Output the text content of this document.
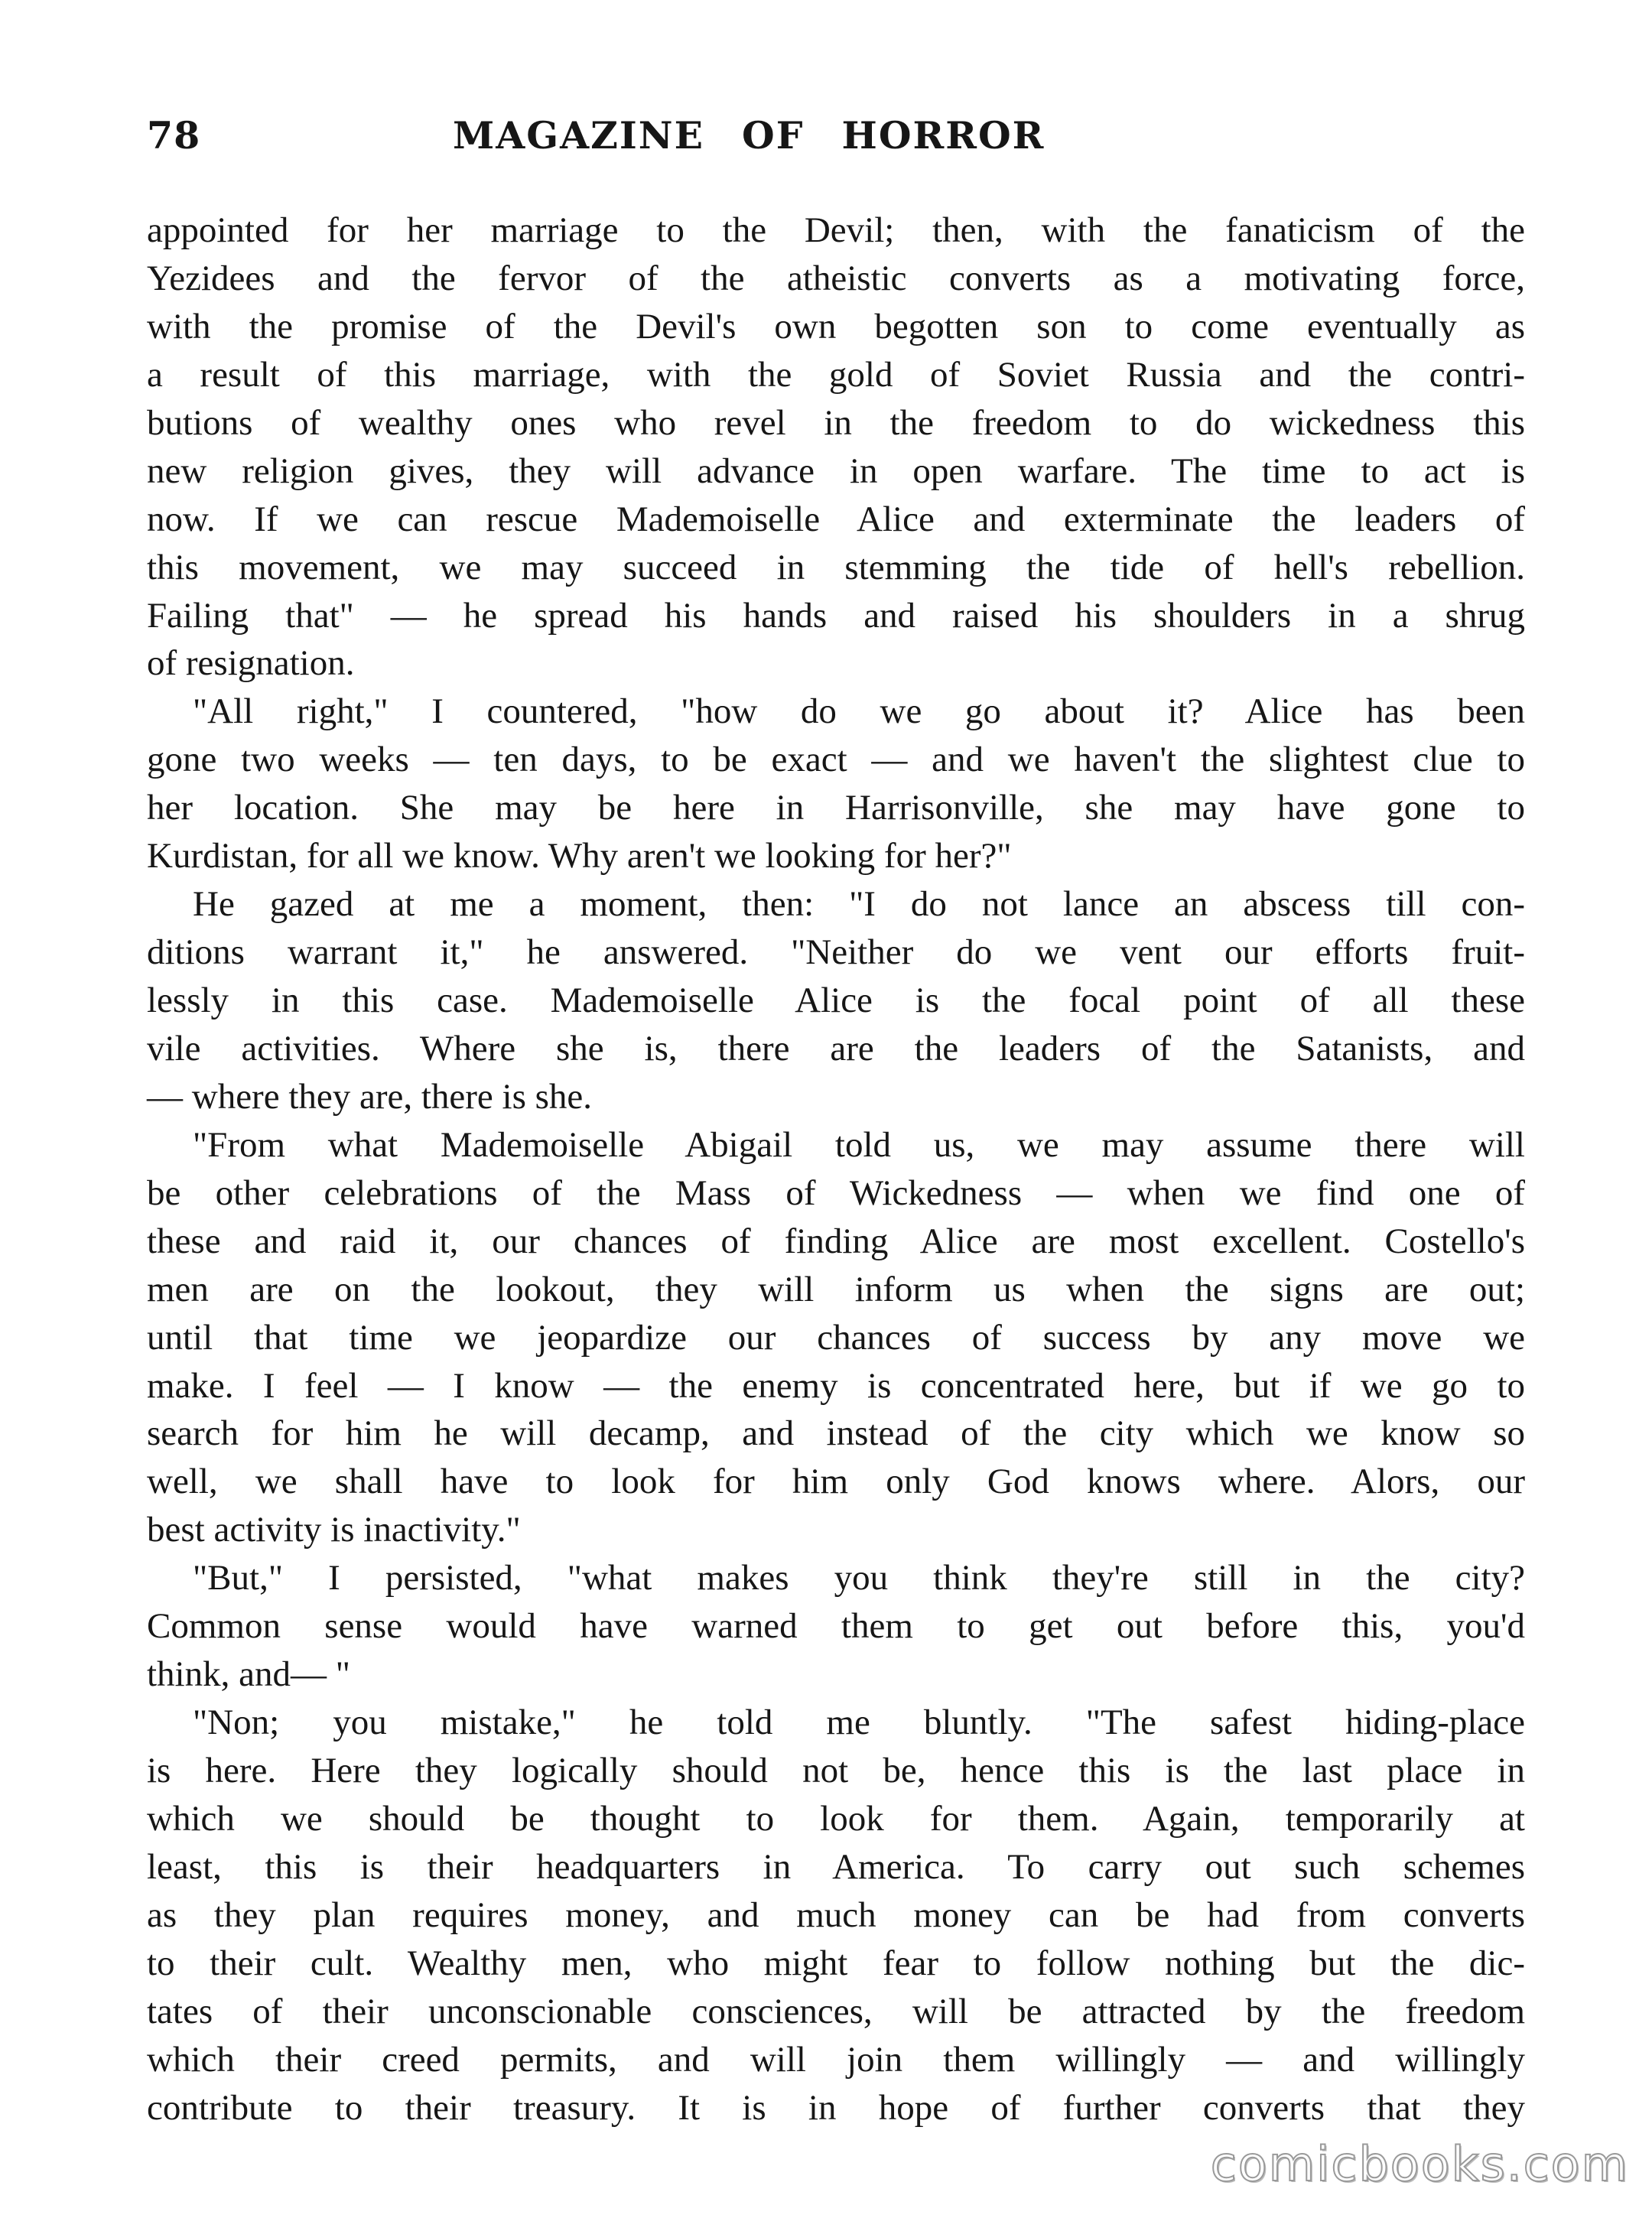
78	MAGAZINE OF HORROR
appointed for her marriage to the Devil; then, with the fanaticism of the
Yezidees and the fervor of the atheistic converts as a motivating force,
with the promise of the Devil's own begotten son to come eventually as
a result of this marriage, with the gold of Soviet Russia and the contri-
butions of wealthy ones who revel in the freedom to do wickedness this
new religion gives, they will advance in open warfare. The time to act is
now. If we can rescue Mademoiselle Alice and exterminate the leaders of
this movement, we may succeed in stemming the tide of hell's rebellion.
Failing that" — he spread his hands and raised his shoulders in a shrug
of resignation.
"All right," I countered, "how do we go about it? Alice has been
gone two weeks — ten days, to be exact — and we haven't the slightest clue to
her location. She may be here in Harrisonville, she may have gone to
Kurdistan, for all we know. Why aren't we looking for her?"
He gazed at me a moment, then: "I do not lance an abscess till con-
ditions warrant it," he answered. "Neither do we vent our efforts fruit-
lessly in this case. Mademoiselle Alice is the focal point of all these
vile activities. Where she is, there are the leaders of the Satanists, and
— where they are, there is she.
"From what Mademoiselle Abigail told us, we may assume there will
be other celebrations of the Mass of Wickedness — when we find one of
these and raid it, our chances of finding Alice are most excellent. Costello's
men are on the lookout, they will inform us when the signs are out;
until that time we jeopardize our chances of success by any move we
make. I feel — I know — the enemy is concentrated here, but if we go to
search for him he will decamp, and instead of the city which we know so
well, we shall have to look for him only God knows where. Alors, our
best activity is inactivity."
"But," I persisted, "what makes you think they're still in the city?
Common sense would have warned them to get out before this, you'd
think, and— "
"Non; you mistake," he told me bluntly. "The safest hiding-place
is here. Here they logically should not be, hence this is the last place in
which we should be thought to look for them. Again, temporarily at
least, this is their headquarters in America. To carry out such schemes
as they plan requires money, and much money can be had from converts
to their cult. Wealthy men, who might fear to follow nothing but the dic-
tates of their unconscionable consciences, will be attracted by the freedom
which their creed permits, and will join them willingly — and willingly
contribute to their treasury. It is in hope of further converts that they
comicbooks.com
